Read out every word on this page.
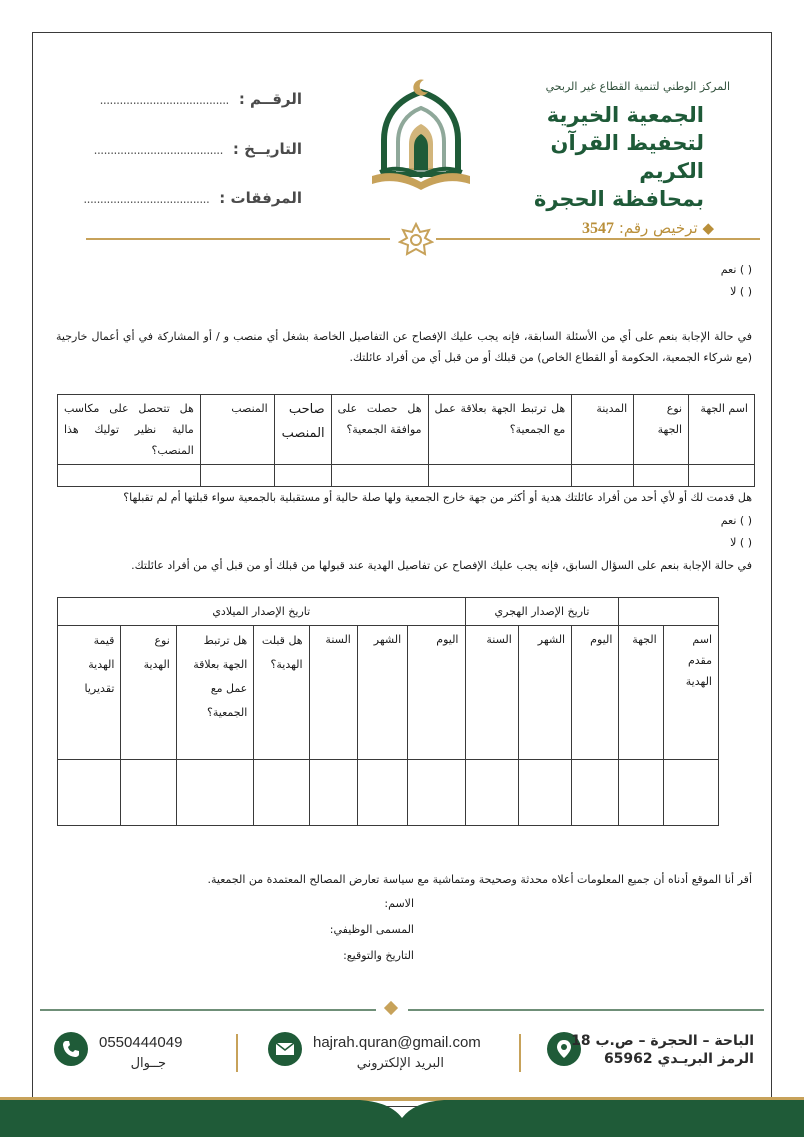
المركز الوطني لتنمية القطاع غير الربحي
الجمعية الخيرية
لتحفيظ القرآن الكريم
بمحافظة الحجرة
◆ ترخيص رقم: 3547
الرقــم :
.......................................
التاريــخ :
.......................................
المرفقات :
......................................
( ) نعم
( ) لا
في حالة الإجابة بنعم على أي من الأسئلة السابقة، فإنه يجب عليك الإفصاح عن التفاصيل الخاصة بشغل أي منصب و / أو المشاركة في أي أعمال خارجية (مع شركاء الجمعية، الحكومة أو القطاع الخاص) من قبلك أو من قبل أي من أفراد عائلتك.
اسم الجهة	نوع الجهة	المدينة	هل ترتبط الجهة بعلاقة عمل مع الجمعية؟	هل حصلت على موافقة الجمعية؟	صاحب المنصب	المنصب	هل تتحصل على مكاسب مالية نظير توليك هذا المنصب؟

هل قدمت لك أو لأي أحد من أفراد عائلتك هدية أو أكثر من جهة خارج الجمعية ولها صلة حالية أو مستقبلية بالجمعية سواء قبلتها أم لم تقبلها؟
( ) نعم
( ) لا
في حالة الإجابة بنعم على السؤال السابق، فإنه يجب عليك الإفصاح عن تفاصيل الهدية عند قبولها من قبلك أو من قبل أي من أفراد عائلتك.
		تاريخ الإصدار الهجري			تاريخ الإصدار الميلادي						
اسم مقدم الهدية	الجهة	اليوم	الشهر	السنة	اليوم	الشهر	السنة	هل قبلت الهدية؟	هل ترتبط الجهة بعلاقة عمل مع الجمعية؟	نوع الهدية	قيمة الهدية تقديريا

أقر أنا الموقع أدناه أن جميع المعلومات أعلاه محدثة وصحيحة ومتماشية مع سياسة تعارض المصالح المعتمدة من الجمعية.
الاسم:
المسمى الوظيفي:
التاريخ والتوقيع:
الباحة – الحجرة – ص.ب 18
الرمز البريـدي 65962
hajrah.quran@gmail.com
البريد الإلكتروني
0550444049
جــوال
